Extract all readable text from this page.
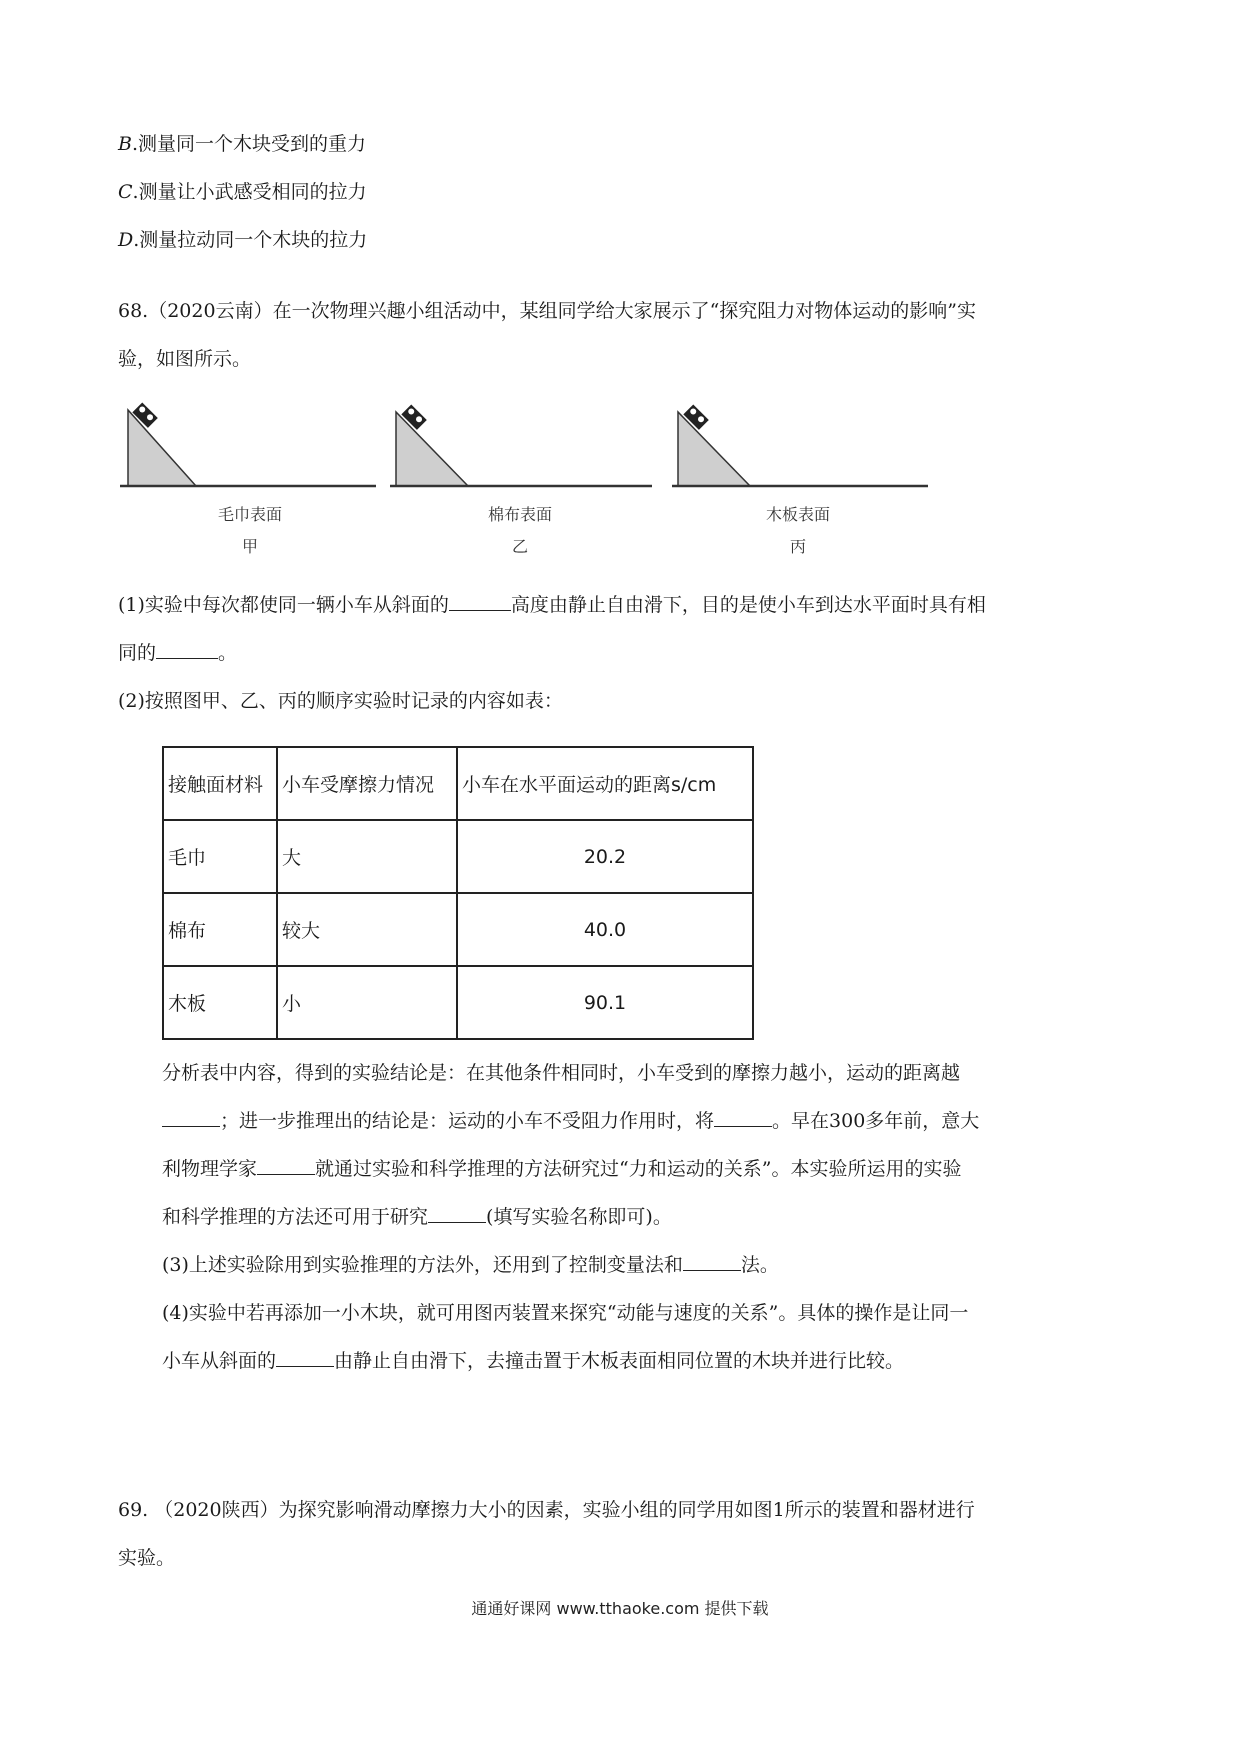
B.测量同一个木块受到的重力
C.测量让小武感受相同的拉力
D.测量拉动同一个木块的拉力
68.（2020云南）在一次物理兴趣小组活动中，某组同学给大家展示了“探究阻力对物体运动的影响”实
验，如图所示。
毛巾表面
甲
棉布表面
乙
木板表面
丙
(1)实验中每次都使同一辆小车从斜面的	高度由静止自由滑下，目的是使小车到达水平面时具有相
同的	。
(2)按照图甲、乙、丙的顺序实验时记录的内容如表：
接触面材料	小车受摩擦力情况	小车在水平面运动的距离s/cm
毛巾	大	20.2
棉布	较大	40.0
木板	小	90.1
分析表中内容，得到的实验结论是：在其他条件相同时，小车受到的摩擦力越小，运动的距离越
；进一步推理出的结论是：运动的小车不受阻力作用时，将	。早在300多年前，意大
利物理学家	就通过实验和科学推理的方法研究过“力和运动的关系”。本实验所运用的实验
和科学推理的方法还可用于研究	(填写实验名称即可)。
(3)上述实验除用到实验推理的方法外，还用到了控制变量法和	法。
(4)实验中若再添加一小木块，就可用图丙装置来探究“动能与速度的关系”。具体的操作是让同一
小车从斜面的	由静止自由滑下，去撞击置于木板表面相同位置的木块并进行比较。
69. （2020陕西）为探究影响滑动摩擦力大小的因素，实验小组的同学用如图1所示的装置和器材进行
实验。
通通好课网 www.tthaoke.com 提供下载
